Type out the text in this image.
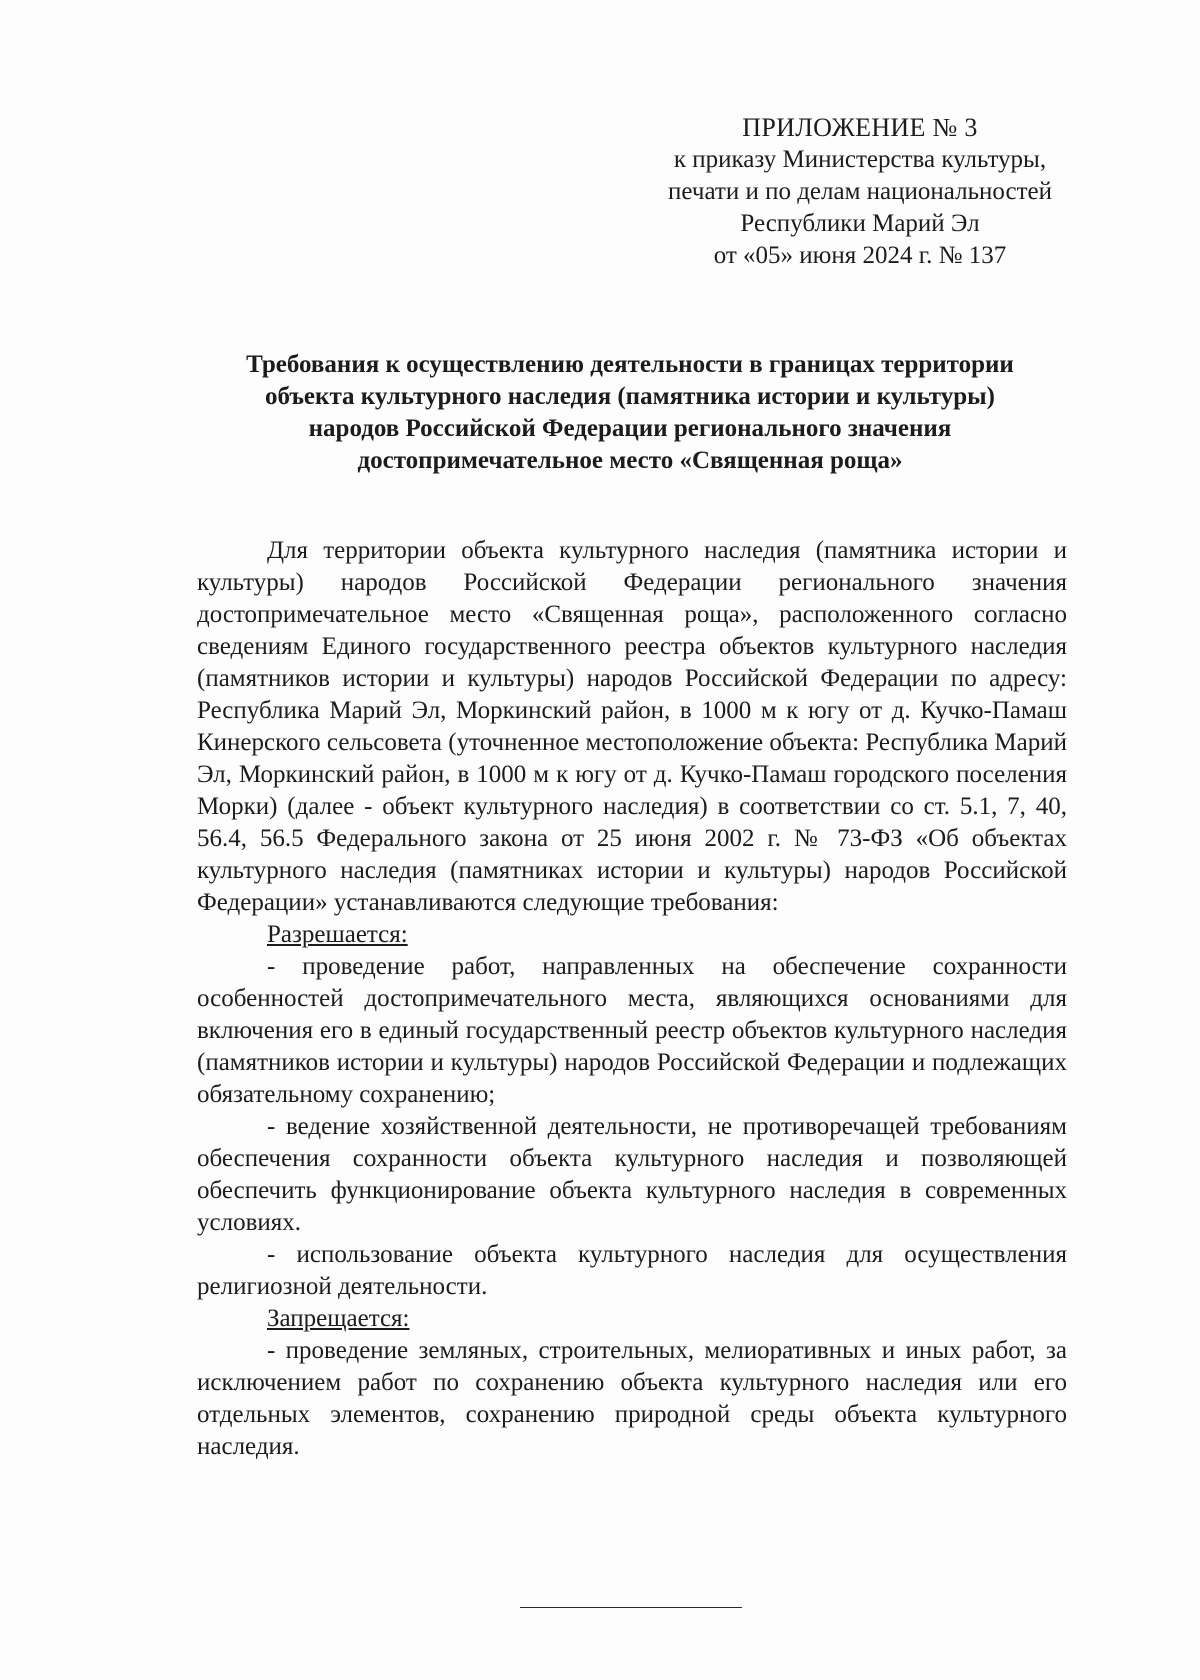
ПРИЛОЖЕНИЕ № 3
к приказу Министерства культуры,
печати и по делам национальностей
Республики Марий Эл
от «05» июня 2024 г. № 137
Требования к осуществлению деятельности в границах территории
объекта культурного наследия (памятника истории и культуры)
народов Российской Федерации регионального значения
достопримечательное место «Священная роща»

Для территории объекта культурного наследия (памятника истории и культуры) народов Российской Федерации регионального значения достопримечательное место «Священная роща», расположенного согласно сведениям Единого государственного реестра объектов культурного наследия (памятников истории и культуры) народов Российской Федерации по адресу: Республика Марий Эл, Моркинский район, в 1000 м к югу от д. Кучко-Памаш Кинерского сельсовета (уточненное местоположение объекта: Республика Марий Эл, Моркинский район, в 1000 м к югу от д. Кучко-Памаш городского поселения Морки) (далее - объект культурного наследия) в соответствии со ст. 5.1, 7, 40, 56.4, 56.5 Федерального закона от 25 июня 2002 г. № 73-ФЗ «Об объектах культурного наследия (памятниках истории и культуры) народов Российской Федерации» устанавливаются следующие требования:

Разрешается:

- проведение работ, направленных на обеспечение сохранности особенностей достопримечательного места, являющихся основаниями для включения его в единый государственный реестр объектов культурного наследия (памятников истории и культуры) народов Российской Федерации и подлежащих обязательному сохранению;

- ведение хозяйственной деятельности, не противоречащей требованиям обеспечения сохранности объекта культурного наследия и позволяющей обеспечить функционирование объекта культурного наследия в современных условиях.

- использование объекта культурного наследия для осуществления религиозной деятельности.

Запрещается:

- проведение земляных, строительных, мелиоративных и иных работ, за исключением работ по сохранению объекта культурного наследия или его отдельных элементов, сохранению природной среды объекта культурного наследия.
